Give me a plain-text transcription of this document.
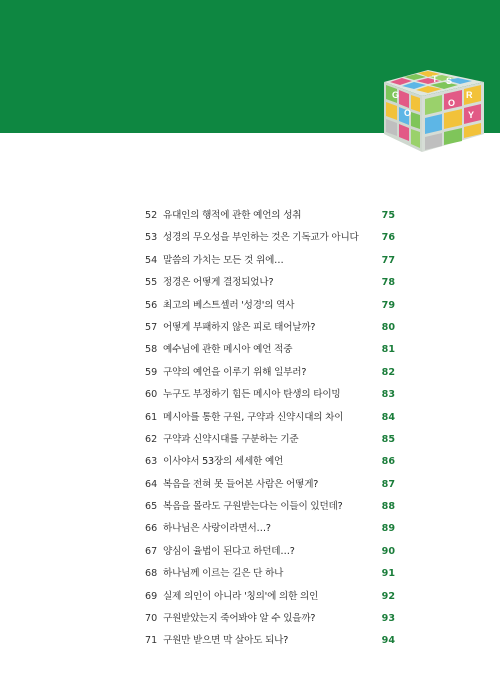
G
O
O
R
Y
T S
52 유대인의 행적에 관한 예언의 성취	75
53 성경의 무오성을 부인하는 것은 기독교가 아니다 76
54 말씀의 가치는 모든 것 위에…	77
55 정경은 어떻게 결정되었나?	78
56 최고의 베스트셀러 '성경'의 역사	79
57 어떻게 부패하지 않은 피로 태어날까?	80
58 예수님에 관한 메시아 예언 적중	81
59 구약의 예언을 이루기 위해 일부러?	82
60 누구도 부정하기 힘든 메시아 탄생의 타이밍	83
61 메시아를 통한 구원, 구약과 신약시대의 차이	84
62 구약과 신약시대를 구분하는 기준	85
63 이사야서 53장의 세세한 예언	86
64 복음을 전혀 못 들어본 사람은 어떻게?	87
65 복음을 몰라도 구원받는다는 이들이 있던데?	88
66 하나님은 사랑이라면서…?	89
67 양심이 율법이 된다고 하던데…?	90
68 하나님께 이르는 길은 단 하나	91
69 실제 의인이 아니라 '칭의'에 의한 의인	92
70 구원받았는지 죽어봐야 알 수 있을까?	93
71 구원만 받으면 막 살아도 되나?	94
